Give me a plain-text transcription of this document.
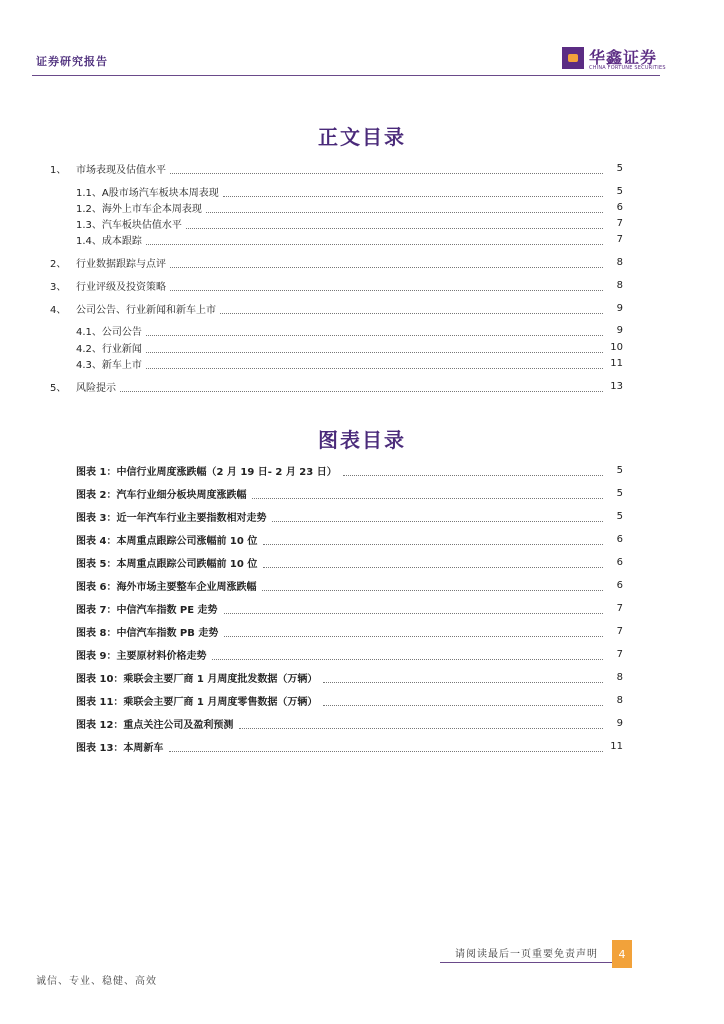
证券研究报告	华鑫证券
CHINA FORTUNE SECURITIES
正文目录
1、 市场表现及估值水平	5
1.1、A股市场汽车板块本周表现	5
1.2、海外上市车企本周表现	6
1.3、汽车板块估值水平	7
1.4、成本跟踪	7
2、 行业数据跟踪与点评	8
3、 行业评级及投资策略	8
4、 公司公告、行业新闻和新车上市	9
4.1、公司公告	9
4.2、行业新闻	10
4.3、新车上市	11
5、 风险提示	13
图表目录
图表 1：中信行业周度涨跌幅（2 月 19 日- 2 月 23 日）	5
图表 2：汽车行业细分板块周度涨跌幅	5
图表 3：近一年汽车行业主要指数相对走势	5
图表 4：本周重点跟踪公司涨幅前 10 位	6
图表 5：本周重点跟踪公司跌幅前 10 位	6
图表 6：海外市场主要整车企业周涨跌幅	6
图表 7：中信汽车指数 PE 走势	7
图表 8：中信汽车指数 PB 走势	7
图表 9：主要原材料价格走势	7
图表 10：乘联会主要厂商 1 月周度批发数据（万辆）	8
图表 11：乘联会主要厂商 1 月周度零售数据（万辆）	8
图表 12：重点关注公司及盈利预测	9
图表 13：本周新车	11
请阅读最后一页重要免责声明	4
诚信、专业、稳健、高效
